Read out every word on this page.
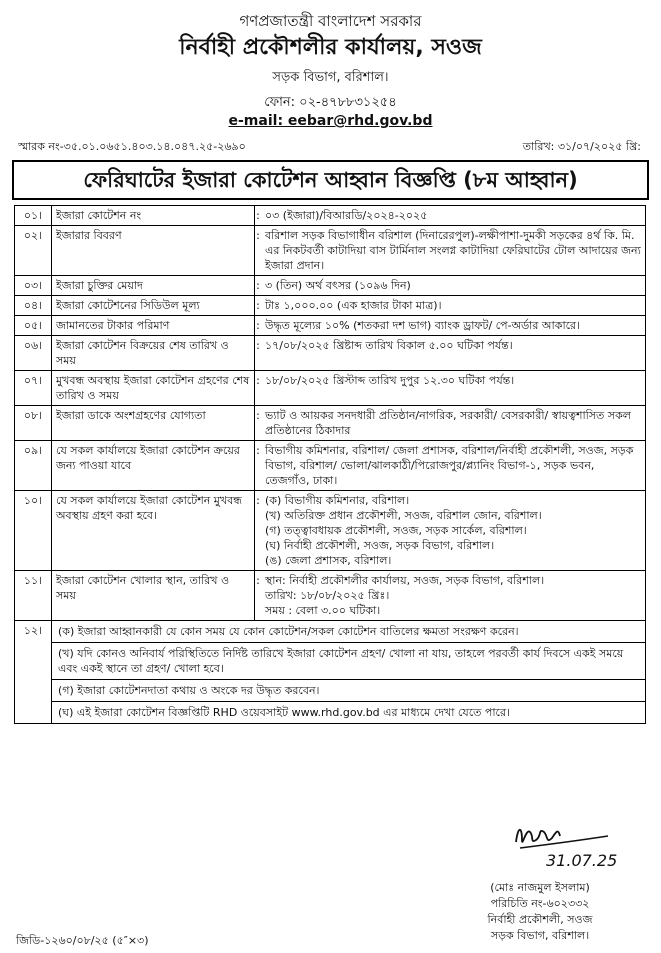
গণপ্রজাতন্ত্রী বাংলাদেশ সরকার
নির্বাহী প্রকৌশলীর কার্যালয়, সওজ
সড়ক বিভাগ, বরিশাল।
ফোন: ০২-৪৭৮৮৩১২৫৪
e-mail: eebar@rhd.gov.bd
স্মারক নং-৩৫.০১.০৬৫১.৪০৩.১৪.০৪৭.২৫-২৬৯০	তারিখ: ৩১/০৭/২০২৫ খ্রি:
ফেরিঘাটের ইজারা কোটেশন আহ্বান বিজ্ঞপ্তি (৮ম আহ্বান)
০১।	ইজারা কোটেশন নং	:	০৩ (ইজারা)/বিআরডি/২০২৪-২০২৫
০২।	ইজারার বিবরণ	:	বরিশাল সড়ক বিভাগাধীন বরিশাল (দিনারেরপুল)-লক্ষীপাশা-দুমকী সড়কের ৪র্থ কি. মি. এর নিকটবর্তী কাটাদিয়া বাস টার্মিনাল সংলগ্ন কাটাদিয়া ফেরিঘাটের টোল আদায়ের জন্য ইজারা প্রদান।
০৩।	ইজারা চুক্তির মেয়াদ	:	৩ (তিন) অর্থ বৎসর (১০৯৬ দিন)
০৪।	ইজারা কোটেশনের সিডিউল মূল্য	:	টাঃ ১,০০০.০০ (এক হাজার টাকা মাত্র)।
০৫।	জামানতের টাকার পরিমাণ	:	উদ্ধৃত মূল্যের ১০% (শতকরা দশ ভাগ) ব্যাংক ড্রাফট/ পে-অর্ডার আকারে।
০৬।	ইজারা কোটেশন বিক্রয়ের শেষ তারিখ ও সময়	:	১৭/০৮/২০২৫ খ্রিষ্টাব্দ তারিখ বিকাল ৫.০০ ঘটিকা পর্যন্ত।
০৭।	মুখবন্ধ অবস্থায় ইজারা কোটেশন গ্রহণের শেষ তারিখ ও সময়	:	১৮/০৮/২০২৫ খ্রিস্টাব্দ তারিখ দুপুর ১২.৩০ ঘটিকা পর্যন্ত।
০৮।	ইজারা ডাকে অংশগ্রহণের যোগ্যতা	:	ভ্যাট ও আয়কর সনদধারী প্রতিষ্ঠান/নাগরিক, সরকারী/ বেসরকারী/ স্বায়ত্বশাসিত সকল প্রতিষ্ঠানের ঠিকাদার
০৯।	যে সকল কার্যালয়ে ইজারা কোটেশন ক্রয়ের জন্য পাওয়া যাবে	:	বিভাগীয় কমিশনার, বরিশাল/ জেলা প্রশাসক, বরিশাল/নির্বাহী প্রকৌশলী, সওজ, সড়ক বিভাগ, বরিশাল/ ভোলা/ঝালকাঠী/পিরোজপুর/প্ল্যানিং বিভাগ-১, সড়ক ভবন, তেজগাঁও, ঢাকা।
১০।	যে সকল কার্যালয়ে ইজারা কোটেশন মুখবন্ধ অবস্থায় গ্রহণ করা হবে।	:	(ক) বিভাগীয় কমিশনার, বরিশাল।
(খ) অতিরিক্ত প্রধান প্রকৌশলী, সওজ, বরিশাল জোন, বরিশাল।
(গ) তত্ত্বাবধায়ক প্রকৌশলী, সওজ, সড়ক সার্কেল, বরিশাল।
(ঘ) নির্বাহী প্রকৌশলী, সওজ, সড়ক বিভাগ, বরিশাল।
(ঙ) জেলা প্রশাসক, বরিশাল।

১১।	ইজারা কোটেশন খোলার স্থান, তারিখ ও সময়	:	স্থান: নির্বাহী প্রকৌশলীর কার্যালয়, সওজ, সড়ক বিভাগ, বরিশাল।
তারিখ: ১৮/০৮/২০২৫ খ্রিঃ।
সময় : বেলা ৩.০০ ঘটিকা।

১২।	(ক) ইজারা আহ্বানকারী যে কোন সময় যে কোন কোটেশন/সকল কোটেশন বাতিলের ক্ষমতা সংরক্ষণ করেন।		
	(খ) যদি কোনও অনিবার্য পরিস্থিতিতে নির্দিষ্ট তারিখে ইজারা কোটেশন গ্রহণ/ খোলা না যায়, তাহলে পরবর্তী কার্য দিবসে একই সময়ে এবং একই স্থানে তা গ্রহণ/ খোলা হবে।		
	(গ) ইজারা কোটেশনদাতা কথায় ও অংকে দর উদ্ধৃত করবেন।		
	(ঘ) এই ইজারা কোটেশন বিজ্ঞপ্তিটি RHD ওয়েবসাইট www.rhd.gov.bd এর মাধ্যমে দেখা যেতে পারে।		
31.07.25
(মোঃ নাজমুল ইসলাম)
পরিচিতি নং-৬০২৩৩২
নির্বাহী প্রকৌশলী, সওজ
সড়ক বিভাগ, বরিশাল।
জিডি-১২৬০/০৮/২৫ (৫″×৩)
